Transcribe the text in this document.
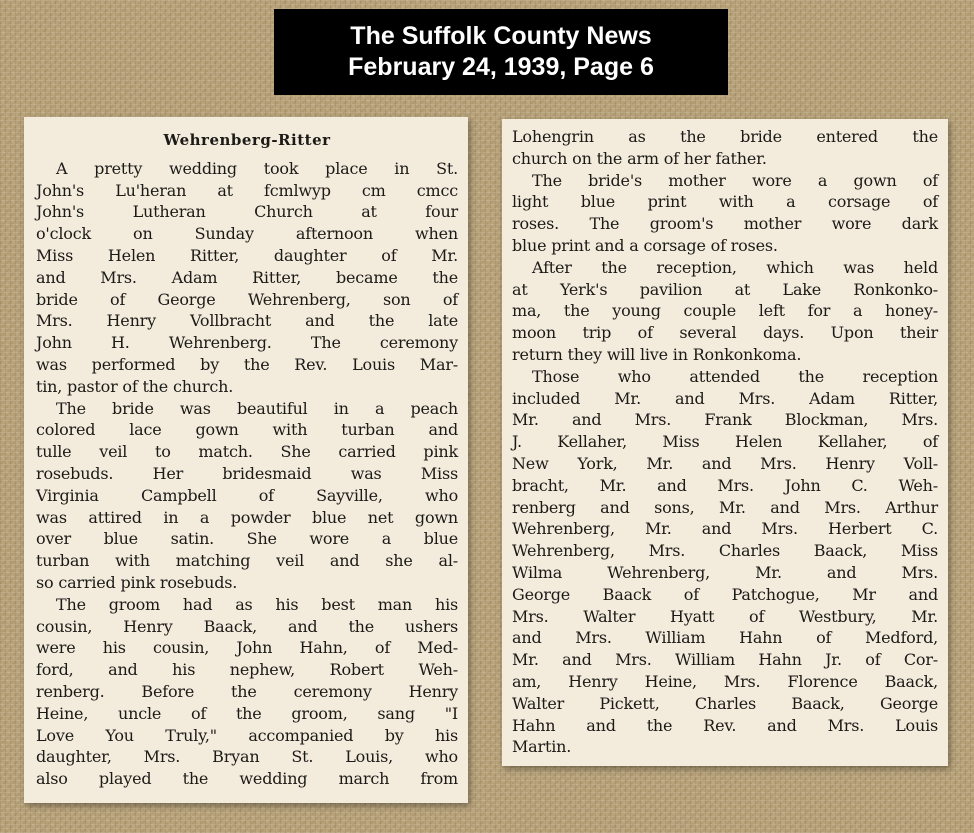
The Suffolk County News
February 24, 1939, Page 6
Wehrenberg-Ritter
A pretty wedding took place in St.
John's Lu'heran at fcmlwyp cm cmcc
John's Lutheran Church at four
o'clock on Sunday afternoon when
Miss Helen Ritter, daughter of Mr.
and Mrs. Adam Ritter, became the
bride of George Wehrenberg, son of
Mrs. Henry Vollbracht and the late
John H. Wehrenberg. The ceremony
was performed by the Rev. Louis Mar-
tin, pastor of the church.
The bride was beautiful in a peach
colored lace gown with turban and
tulle veil to match. She carried pink
rosebuds. Her bridesmaid was Miss
Virginia Campbell of Sayville, who
was attired in a powder blue net gown
over blue satin. She wore a blue
turban with matching veil and she al-
so carried pink rosebuds.
The groom had as his best man his
cousin, Henry Baack, and the ushers
were his cousin, John Hahn, of Med-
ford, and his nephew, Robert Weh-
renberg. Before the ceremony Henry
Heine, uncle of the groom, sang "I
Love You Truly," accompanied by his
daughter, Mrs. Bryan St. Louis, who
also played the wedding march from
Lohengrin as the bride entered the
church on the arm of her father.
The bride's mother wore a gown of
light blue print with a corsage of
roses. The groom's mother wore dark
blue print and a corsage of roses.
After the reception, which was held
at Yerk's pavilion at Lake Ronkonko-
ma, the young couple left for a honey-
moon trip of several days. Upon their
return they will live in Ronkonkoma.
Those who attended the reception
included Mr. and Mrs. Adam Ritter,
Mr. and Mrs. Frank Blockman, Mrs.
J. Kellaher, Miss Helen Kellaher, of
New York, Mr. and Mrs. Henry Voll-
bracht, Mr. and Mrs. John C. Weh-
renberg and sons, Mr. and Mrs. Arthur
Wehrenberg, Mr. and Mrs. Herbert C.
Wehrenberg, Mrs. Charles Baack, Miss
Wilma Wehrenberg, Mr. and Mrs.
George Baack of Patchogue, Mr and
Mrs. Walter Hyatt of Westbury, Mr.
and Mrs. William Hahn of Medford,
Mr. and Mrs. William Hahn Jr. of Cor-
am, Henry Heine, Mrs. Florence Baack,
Walter Pickett, Charles Baack, George
Hahn and the Rev. and Mrs. Louis
Martin.
